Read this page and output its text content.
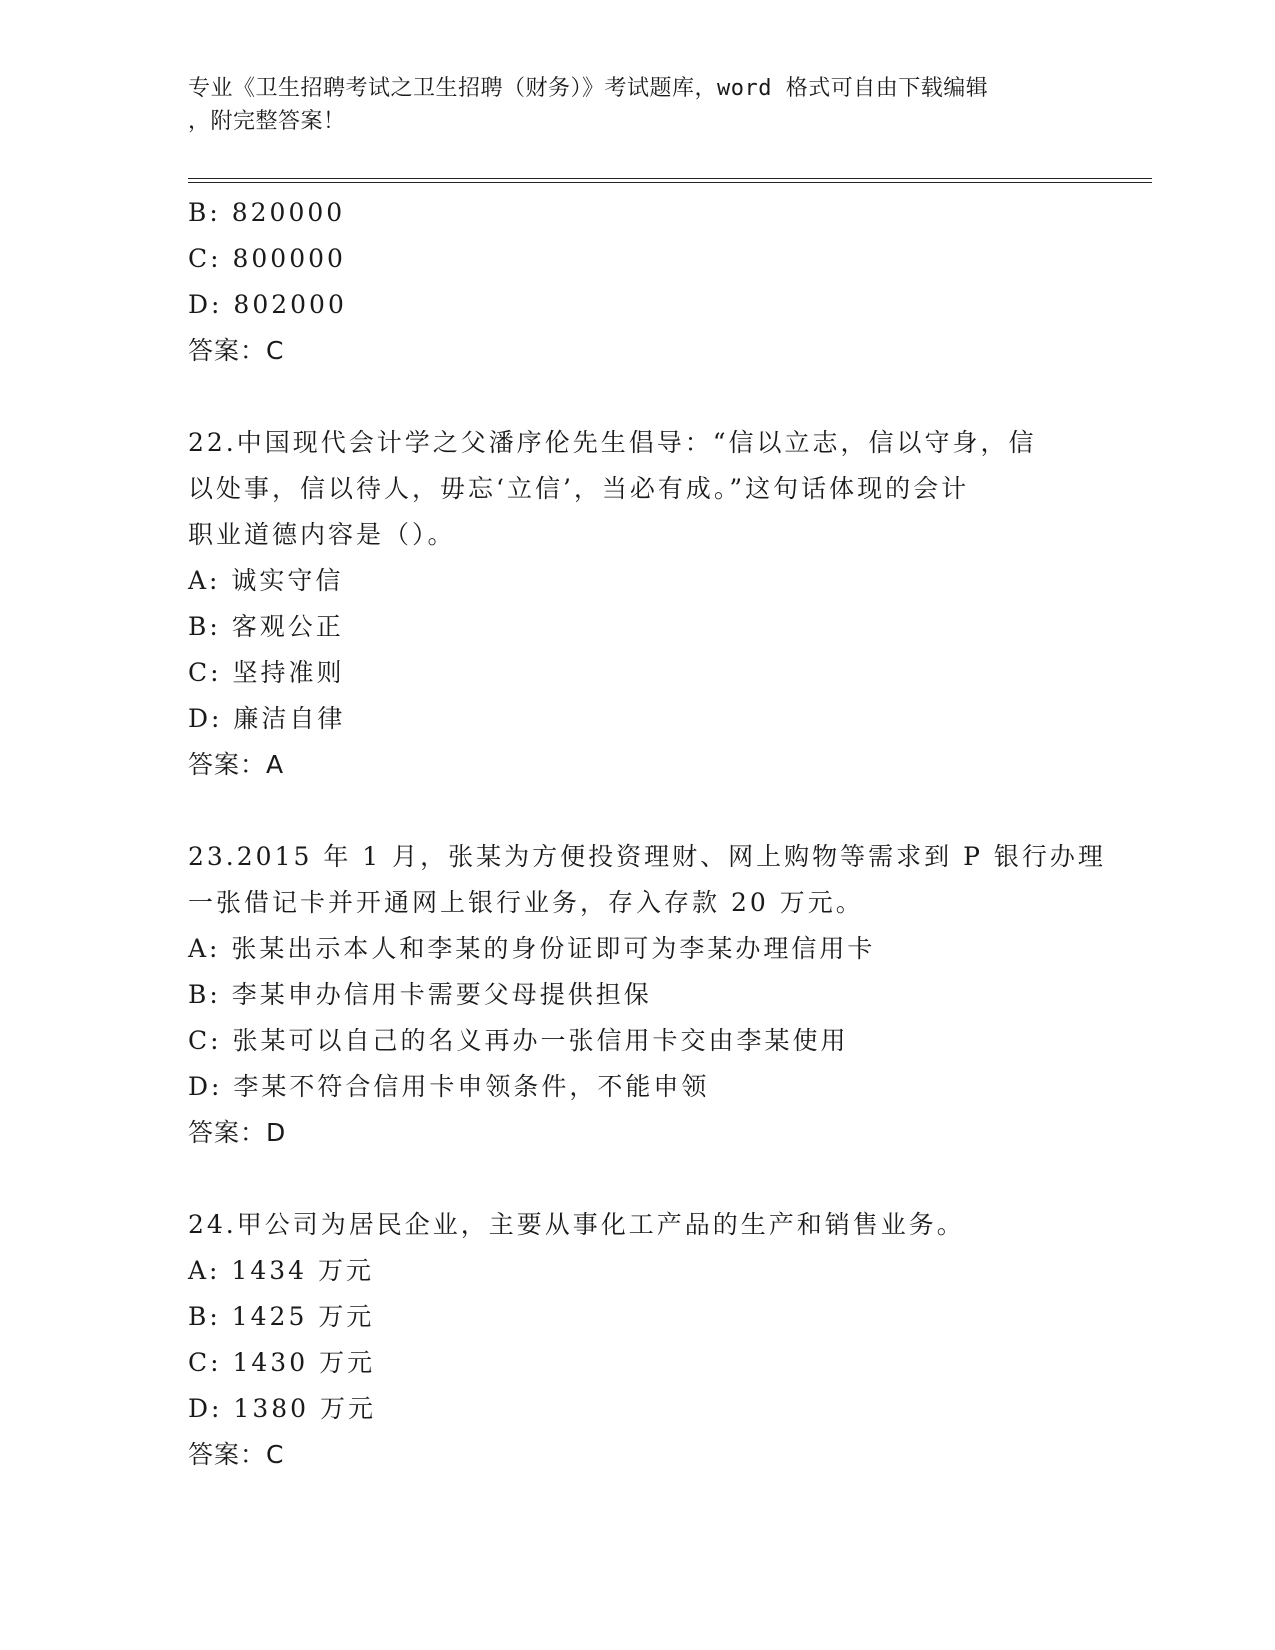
专业《卫生招聘考试之卫生招聘（财务）》考试题库，word 格式可自由下载编辑
，附完整答案！
B: 820000
C: 800000
D: 802000
答案：C
22.中国现代会计学之父潘序伦先生倡导：“信以立志，信以守身，信
以处事，信以待人，毋忘‘立信’，当必有成。”这句话体现的会计
职业道德内容是（）。
A: 诚实守信
B: 客观公正
C: 坚持准则
D: 廉洁自律
答案：A
23.2015 年 1 月，张某为方便投资理财、网上购物等需求到 P 银行办理
一张借记卡并开通网上银行业务，存入存款 20 万元。
A: 张某出示本人和李某的身份证即可为李某办理信用卡
B: 李某申办信用卡需要父母提供担保
C: 张某可以自己的名义再办一张信用卡交由李某使用
D: 李某不符合信用卡申领条件，不能申领
答案：D
24.甲公司为居民企业，主要从事化工产品的生产和销售业务。
A: 1434 万元
B: 1425 万元
C: 1430 万元
D: 1380 万元
答案：C
